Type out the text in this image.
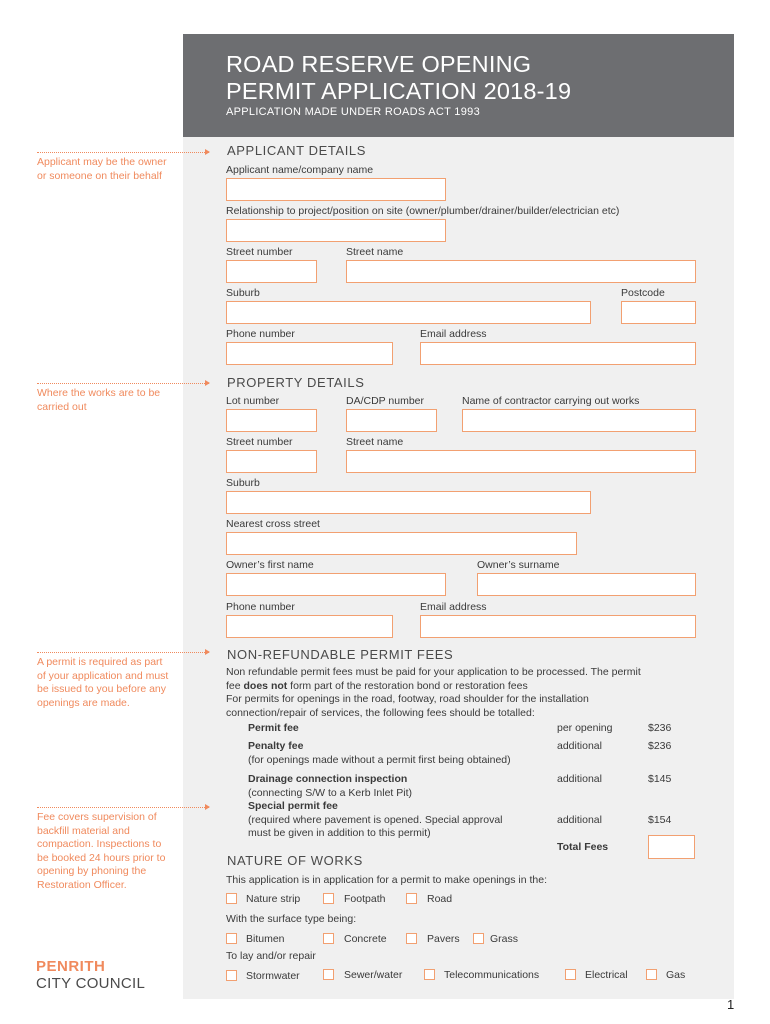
ROAD RESERVE OPENING
PERMIT APPLICATION 2018-19
APPLICATION MADE UNDER ROADS ACT 1993
Applicant may be the owner or someone on their behalf
Where the works are to be carried out
A permit is required as part of your application and must be issued to you before any openings are made.
Fee covers supervision of backfill material and compaction. Inspections to be booked 24 hours prior to opening by phoning the Restoration Officer.
APPLICANT DETAILS
Applicant name/company name
Relationship to project/position on site (owner/plumber/drainer/builder/electrician etc)
Street number	Street name
Suburb	Postcode
Phone number	Email address
PROPERTY DETAILS
Lot number	DA/CDP number	Name of contractor carrying out works
Street number	Street name
Suburb
Nearest cross street
Owner’s first name	Owner’s surname
Phone number	Email address
NON-REFUNDABLE PERMIT FEES
Non refundable permit fees must be paid for your application to be processed. The permit
fee does not form part of the restoration bond or restoration fees
For permits for openings in the road, footway, road shoulder for the installation
connection/repair of services, the following fees should be totalled:
Permit fee	per opening	$236
Penalty fee
(for openings made without a permit first being obtained)
additional	$236
Drainage connection inspection
(connecting S/W to a Kerb Inlet Pit)
additional	$145
Special permit fee
(required where pavement is opened. Special approval
must be given in addition to this permit)
additional	$154
Total Fees
NATURE OF WORKS
This application is in application for a permit to make openings in the:
Nature strip	Footpath	Road
With the surface type being:
Bitumen	Concrete	Pavers	Grass
To lay and/or repair
Stormwater	Sewer/water	Telecommunications	Electrical	Gas
PENRITH
CITY COUNCIL
1
